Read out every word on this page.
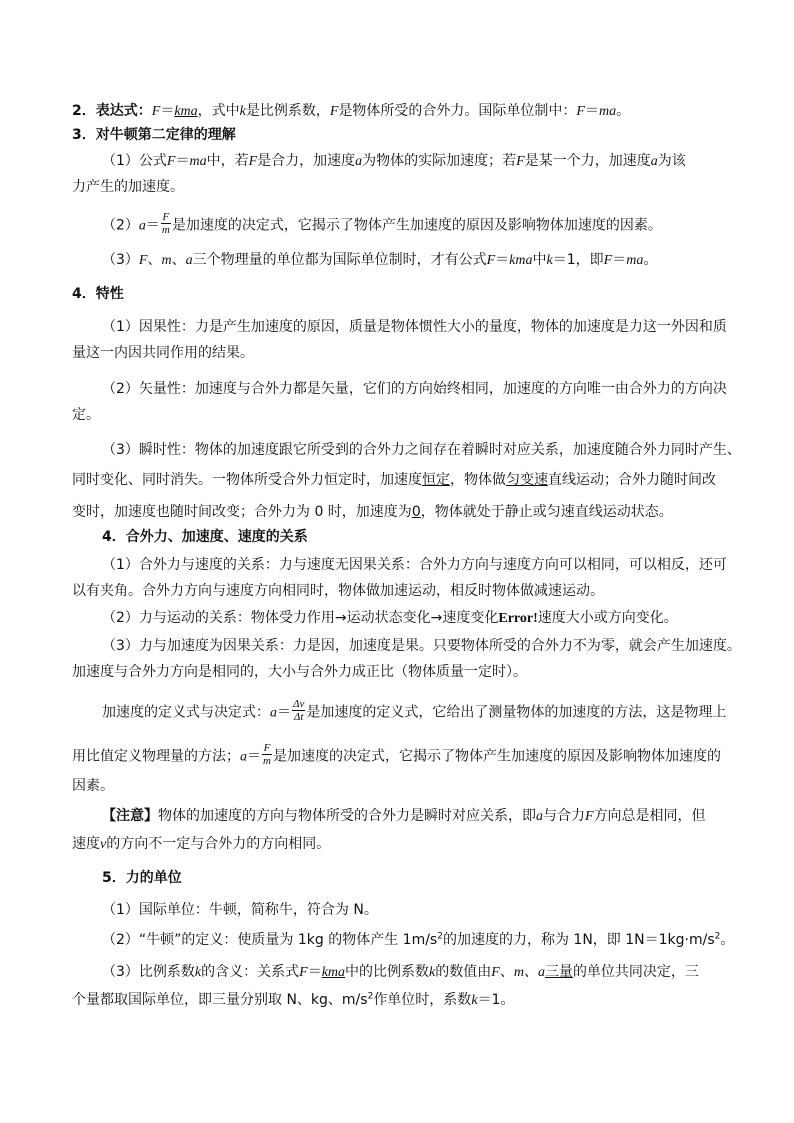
2．表达式：F＝kma，式中k是比例系数，F是物体所受的合外力。国际单位制中：F＝ma。
3．对牛顿第二定律的理解
（1）公式F＝ma中，若F是合力，加速度a为物体的实际加速度；若F是某一个力，加速度a为该
力产生的加速度。
$(2)a= \frac{F}{m}$ 是加速度的决定式，它揭示了物体产生加速度的原因及影响物体加速度的因素。
（3）F、m、a三个物理量的单位都为国际单位制时，才有公式F＝kma中k＝1，即F＝ma。
4．特性
（1）因果性：力是产生加速度的原因，质量是物体惯性大小的量度，物体的加速度是力这一外因和质
量这一内因共同作用的结果。
（2）矢量性：加速度与合外力都是矢量，它们的方向始终相同，加速度的方向唯一由合外力的方向决
定。
（3）瞬时性：物体的加速度跟它所受到的合外力之间存在着瞬时对应关系，加速度随合外力同时产生、
同时变化、同时消失。一物体所受合外力恒定时，加速度恒定，物体做匀变速直线运动；合外力随时间改
变时，加速度也随时间改变；合外力为 0 时，加速度为0，物体就处于静止或匀速直线运动状态。
4．合外力、加速度、速度的关系
（1）合外力与速度的关系：力与速度无因果关系：合外力方向与速度方向可以相同，可以相反，还可
以有夹角。合外力方向与速度方向相同时，物体做加速运动，相反时物体做减速运动。
（2）力与运动的关系：物体受力作用→运动状态变化→速度变化Error!速度大小或方向变化。
（3）力与加速度为因果关系：力是因，加速度是果。只要物体所受的合外力不为零，就会产生加速度。
加速度与合外力方向是相同的，大小与合外力成正比（物体质量一定时）。
加速度的定义式与决定式：$a= \frac{\Delta v}{\Delta t}$ 是加速度的定义式，它给出了测量物体的加速度的方法，这是物理上
用比值定义物理量的方法；$a= \frac{F}{m}$ 是加速度的决定式，它揭示了物体产生加速度的原因及影响物体加速度的
因素。
【注意】物体的加速度的方向与物体所受的合外力是瞬时对应关系，即a与合力F方向总是相同，但
速度v的方向不一定与合外力的方向相同。
5．力的单位
（1）国际单位：牛顿，简称牛，符合为 N。
（2）“牛顿”的定义：使质量为 1kg 的物体产生 $1m/s^2$的加速度的力，称为 1N，即 $1N=1kg\cdot m/s^2$。
（3）比例系数k的含义：关系式F＝kma中的比例系数k的数值由F、m、a三量的单位共同决定，三
个量都取国际单位，即三量分别取 N、kg、$m/s^2$作单位时，系数k＝1。
